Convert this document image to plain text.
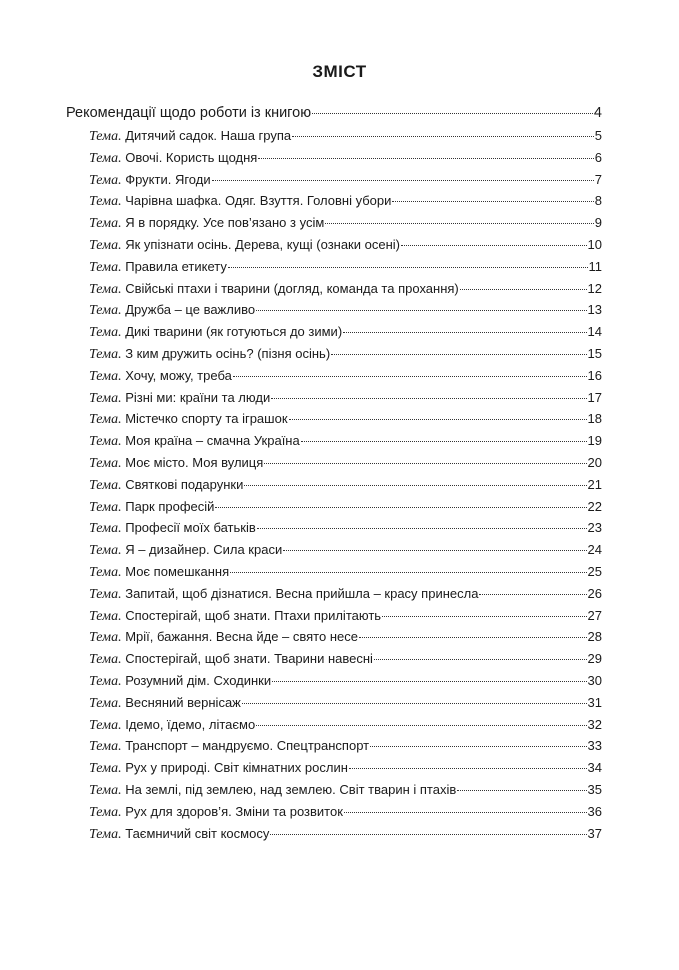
ЗМІСТ
Рекомендації щодо роботи із книгою	4
Тема. Дитячий садок. Наша група	5
Тема. Овочі. Користь щодня	6
Тема. Фрукти. Ягоди	7
Тема. Чарівна шафка. Одяг. Взуття. Головні убори	8
Тема. Я в порядку. Усе пов’язано з усім	9
Тема. Як упізнати осінь. Дерева, кущі (ознаки осені)	10
Тема. Правила етикету	11
Тема. Свійські птахи і тварини (догляд, команда та прохання)	12
Тема. Дружба – це важливо	13
Тема. Дикі тварини (як готуються до зими)	14
Тема. З ким дружить осінь? (пізня осінь)	15
Тема. Хочу, можу, треба	16
Тема. Різні ми: країни та люди	17
Тема. Містечко спорту та іграшок	18
Тема. Моя країна – смачна Україна	19
Тема. Моє місто. Моя вулиця	20
Тема. Святкові подарунки	21
Тема. Парк професій	22
Тема. Професії моїх батьків	23
Тема. Я – дизайнер. Сила краси	24
Тема. Моє помешкання	25
Тема. Запитай, щоб дізнатися. Весна прийшла – красу принесла	26
Тема. Спостерігай, щоб знати. Птахи прилітають	27
Тема. Мрії, бажання. Весна йде – свято несе	28
Тема. Спостерігай, щоб знати. Тварини навесні	29
Тема. Розумний дім. Сходинки	30
Тема. Весняний вернісаж	31
Тема. Ідемо, їдемо, літаємо	32
Тема. Транспорт – мандруємо. Спецтранспорт	33
Тема. Рух у природі. Світ кімнатних рослин	34
Тема. На землі, під землею, над землею. Світ тварин і птахів	35
Тема. Рух для здоров’я. Зміни та розвиток	36
Тема. Таємничий світ космосу	37
